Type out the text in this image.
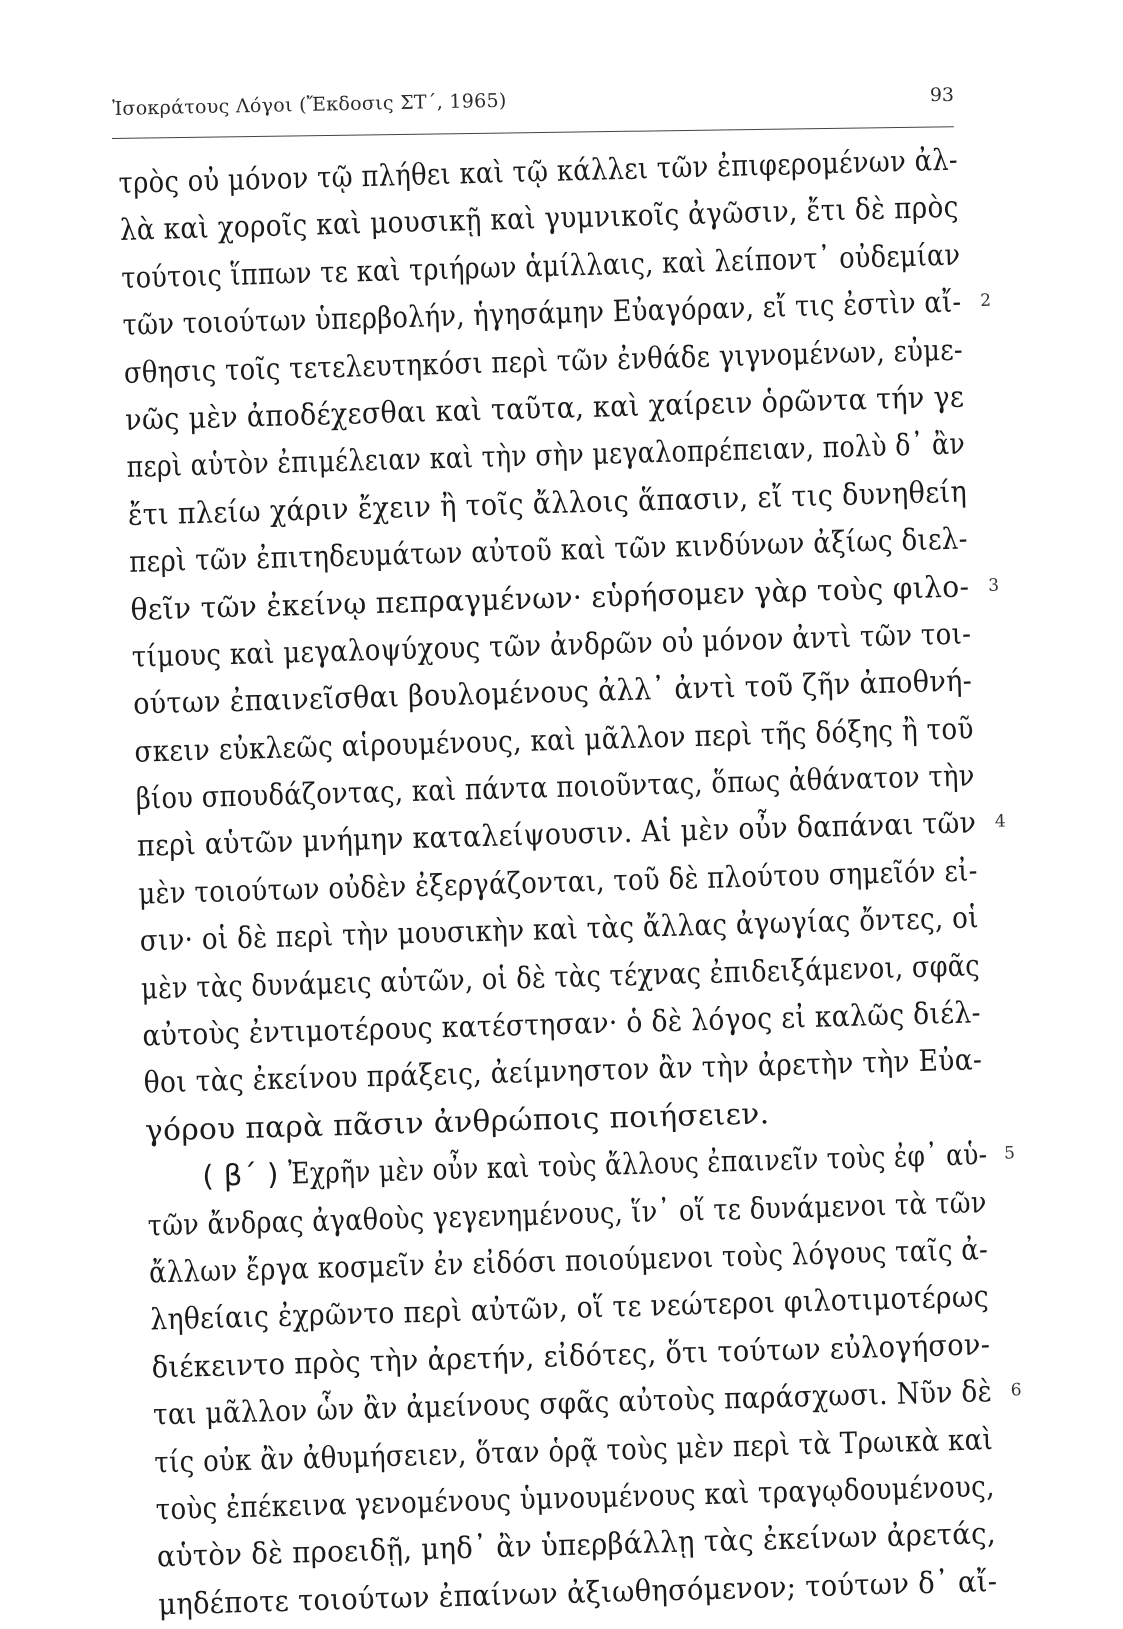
Ἰσοκράτους Λόγοι (Ἔκδοσις ΣΤ΄, 1965)	93
τρὸς οὐ μόνον τῷ πλήθει καὶ τῷ κάλλει τῶν ἐπιφερομένων ἀλ-
λὰ καὶ χοροῖς καὶ μουσικῇ καὶ γυμνικοῖς ἀγῶσιν, ἔτι δὲ πρὸς
τούτοις ἵππων τε καὶ τριήρων ἁμίλλαις, καὶ λείποντ᾽ οὐδεμίαν
τῶν τοιούτων ὑπερβολήν, ἡγησάμην Εὐαγόραν, εἴ τις ἐστὶν αἴ- 2
σθησις τοῖς τετελευτηκόσι περὶ τῶν ἐνθάδε γιγνομένων, εὐμε-
νῶς μὲν ἀποδέχεσθαι καὶ ταῦτα, καὶ χαίρειν ὁρῶντα τήν γε
περὶ αὑτὸν ἐπιμέλειαν καὶ τὴν σὴν μεγαλοπρέπειαν, πολὺ δ᾽ ἂν
ἔτι πλείω χάριν ἔχειν ἢ τοῖς ἄλλοις ἅπασιν, εἴ τις δυνηθείη
περὶ τῶν ἐπιτηδευμάτων αὐτοῦ καὶ τῶν κινδύνων ἀξίως διελ-
θεῖν τῶν ἐκείνῳ πεπραγμένων· εὑρήσομεν γὰρ τοὺς φιλο- 3
τίμους καὶ μεγαλοψύχους τῶν ἀνδρῶν οὐ μόνον ἀντὶ τῶν τοι-
ούτων ἐπαινεῖσθαι βουλομένους ἀλλ᾽ ἀντὶ τοῦ ζῆν ἀποθνή-
σκειν εὐκλεῶς αἱρουμένους, καὶ μᾶλλον περὶ τῆς δόξης ἢ τοῦ
βίου σπουδάζοντας, καὶ πάντα ποιοῦντας, ὅπως ἀθάνατον τὴν
περὶ αὑτῶν μνήμην καταλείψουσιν. Αἱ μὲν οὖν δαπάναι τῶν 4
μὲν τοιούτων οὐδὲν ἐξεργάζονται, τοῦ δὲ πλούτου σημεῖόν εἰ-
σιν· οἱ δὲ περὶ τὴν μουσικὴν καὶ τὰς ἄλλας ἀγωγίας ὄντες, οἱ
μὲν τὰς δυνάμεις αὑτῶν, οἱ δὲ τὰς τέχνας ἐπιδειξάμενοι, σφᾶς
αὐτοὺς ἐντιμοτέρους κατέστησαν· ὁ δὲ λόγος εἰ καλῶς διέλ-
θοι τὰς ἐκείνου πράξεις, ἀείμνηστον ἂν τὴν ἀρετὴν τὴν Εὐα-
γόρου παρὰ πᾶσιν ἀνθρώποις ποιήσειεν.
( β΄ ) Ἐχρῆν μὲν οὖν καὶ τοὺς ἄλλους ἐπαινεῖν τοὺς ἐφ᾽ αὑ- 5
τῶν ἄνδρας ἀγαθοὺς γεγενημένους, ἵν᾽ οἵ τε δυνάμενοι τὰ τῶν
ἄλλων ἔργα κοσμεῖν ἐν εἰδόσι ποιούμενοι τοὺς λόγους ταῖς ἀ-
ληθείαις ἐχρῶντο περὶ αὐτῶν, οἵ τε νεώτεροι φιλοτιμοτέρως
διέκειντο πρὸς τὴν ἀρετήν, εἰδότες, ὅτι τούτων εὐλογήσον-
ται μᾶλλον ὧν ἂν ἀμείνους σφᾶς αὐτοὺς παράσχωσι. Νῦν δὲ 6
τίς οὐκ ἂν ἀθυμήσειεν, ὅταν ὁρᾷ τοὺς μὲν περὶ τὰ Τρωικὰ καὶ
τοὺς ἐπέκεινα γενομένους ὑμνουμένους καὶ τραγῳδουμένους,
αὑτὸν δὲ προειδῇ, μηδ᾽ ἂν ὑπερβάλλῃ τὰς ἐκείνων ἀρετάς,
μηδέποτε τοιούτων ἐπαίνων ἀξιωθησόμενον; τούτων δ᾽ αἴ-
